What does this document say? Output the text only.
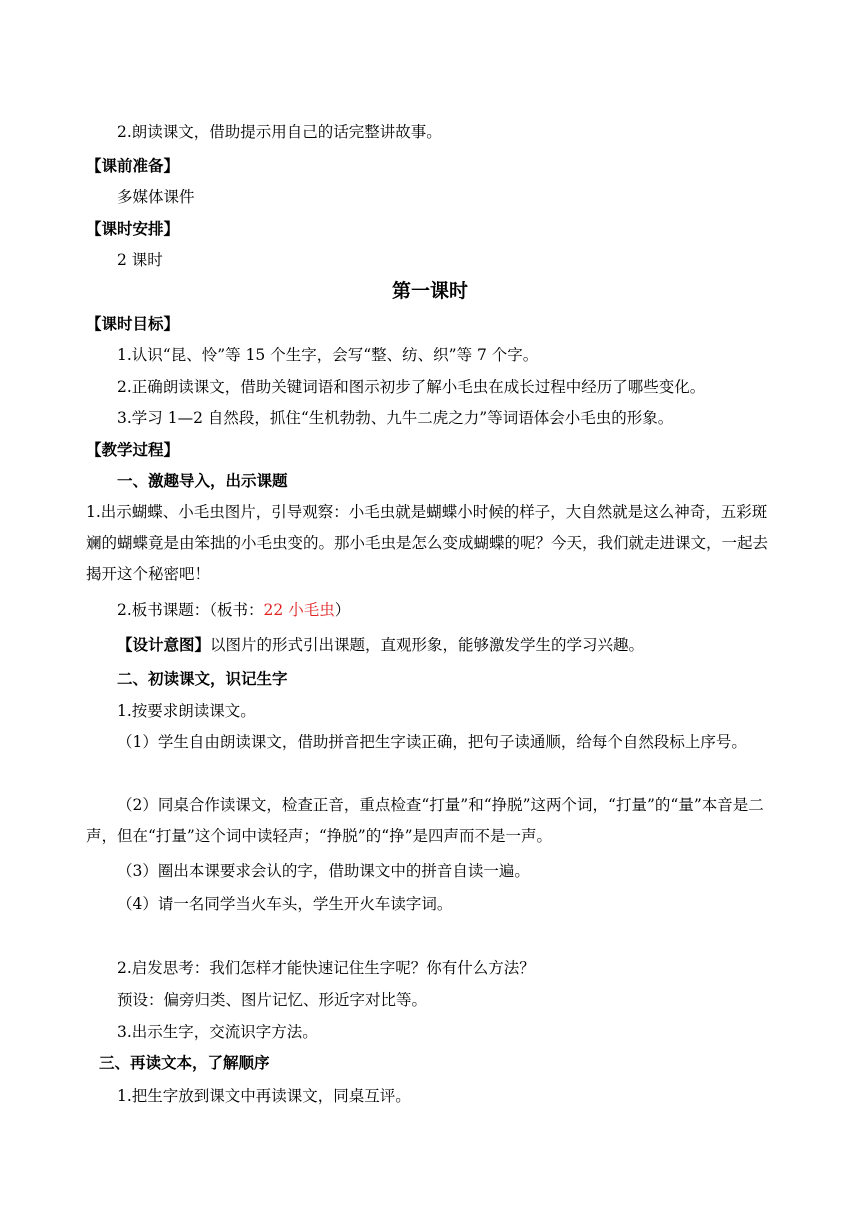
2.朗读课文，借助提示用自己的话完整讲故事。
【课前准备】
多媒体课件
【课时安排】
2 课时
第一课时
【课时目标】
1.认识“昆、怜”等 15 个生字，会写“整、纺、织”等 7 个字。
2.正确朗读课文，借助关键词语和图示初步了解小毛虫在成长过程中经历了哪些变化。
3.学习 1—2 自然段，抓住“生机勃勃、九牛二虎之力”等词语体会小毛虫的形象。
【教学过程】
一、激趣导入，出示课题
1.出示蝴蝶、小毛虫图片，引导观察：小毛虫就是蝴蝶小时候的样子，大自然就是这么神奇，五彩斑斓的蝴蝶竟是由笨拙的小毛虫变的。那小毛虫是怎么变成蝴蝶的呢？今天，我们就走进课文，一起去揭开这个秘密吧！
2.板书课题：（板书：22 小毛虫）
【设计意图】以图片的形式引出课题，直观形象，能够激发学生的学习兴趣。
二、初读课文，识记生字
1.按要求朗读课文。
（1）学生自由朗读课文，借助拼音把生字读正确，把句子读通顺，给每个自然段标上序号。
（2）同桌合作读课文，检查正音，重点检查“打量”和“挣脱”这两个词，“打量”的“量”本音是二声，但在“打量”这个词中读轻声；“挣脱”的“挣”是四声而不是一声。
（3）圈出本课要求会认的字，借助课文中的拼音自读一遍。
（4）请一名同学当火车头，学生开火车读字词。
2.启发思考：我们怎样才能快速记住生字呢？你有什么方法？
预设：偏旁归类、图片记忆、形近字对比等。
3.出示生字，交流识字方法。
三、再读文本，了解顺序
1.把生字放到课文中再读课文，同桌互评。
